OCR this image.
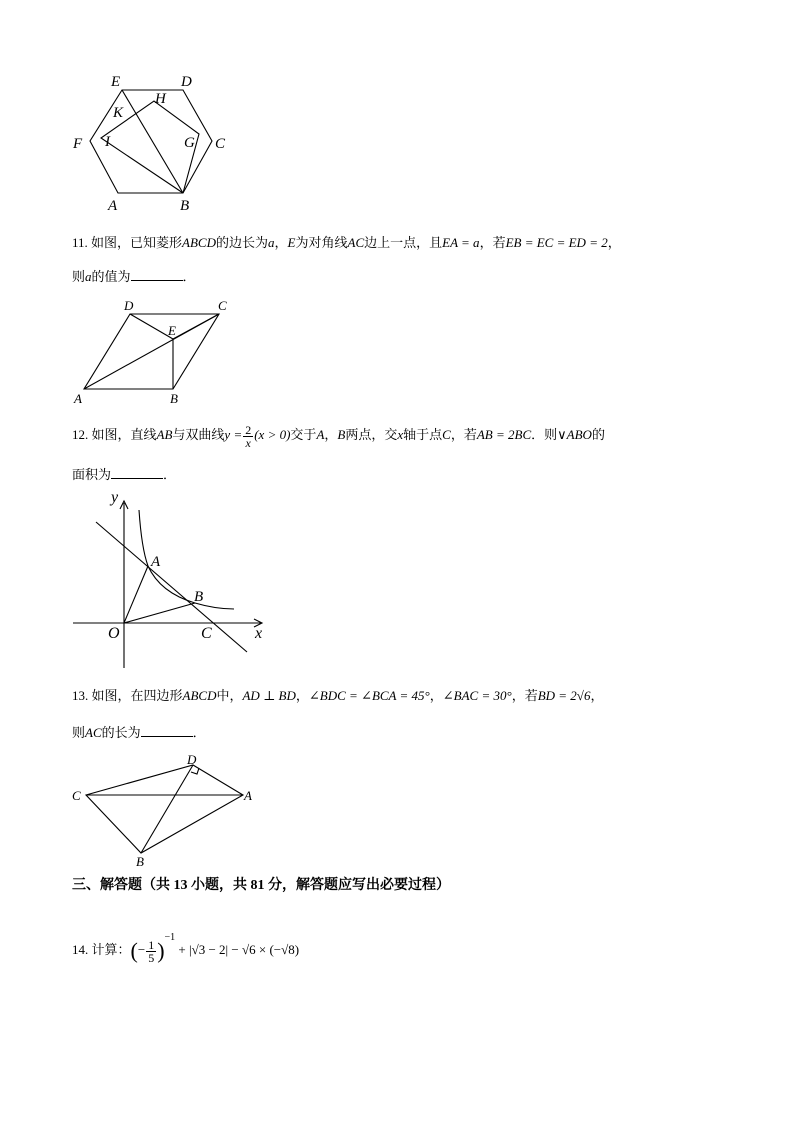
E	D
K
H
I	G
F	C
A	B
D	C
E
A	B
y
A
B
O	C	x
D
C	A
B
11. 如图，已知菱形ABCD的边长为a，E为对角线AC边上一点，且EA = a，若EB = EC = ED = 2，
则a的值为	．
12. 如图，直线AB与双曲线$y = \frac{2}{x} (x > 0)$交于A，B两点，交x轴于点C，若AB = 2BC．则∨ABO的
面积为	．
13. 如图，在四边形ABCD中，AD ⊥ BD，∠BDC = ∠BCA = 45°，∠BAC = 30°，若BD = 2√6，
则AC的长为	．
三、解答题（共 13 小题，共 81 分，解答题应写出必要过程）
14. 计算：(− $\frac{1}{5} )^{-1} + |√3 - 2| - √6 \times (-√8)$
